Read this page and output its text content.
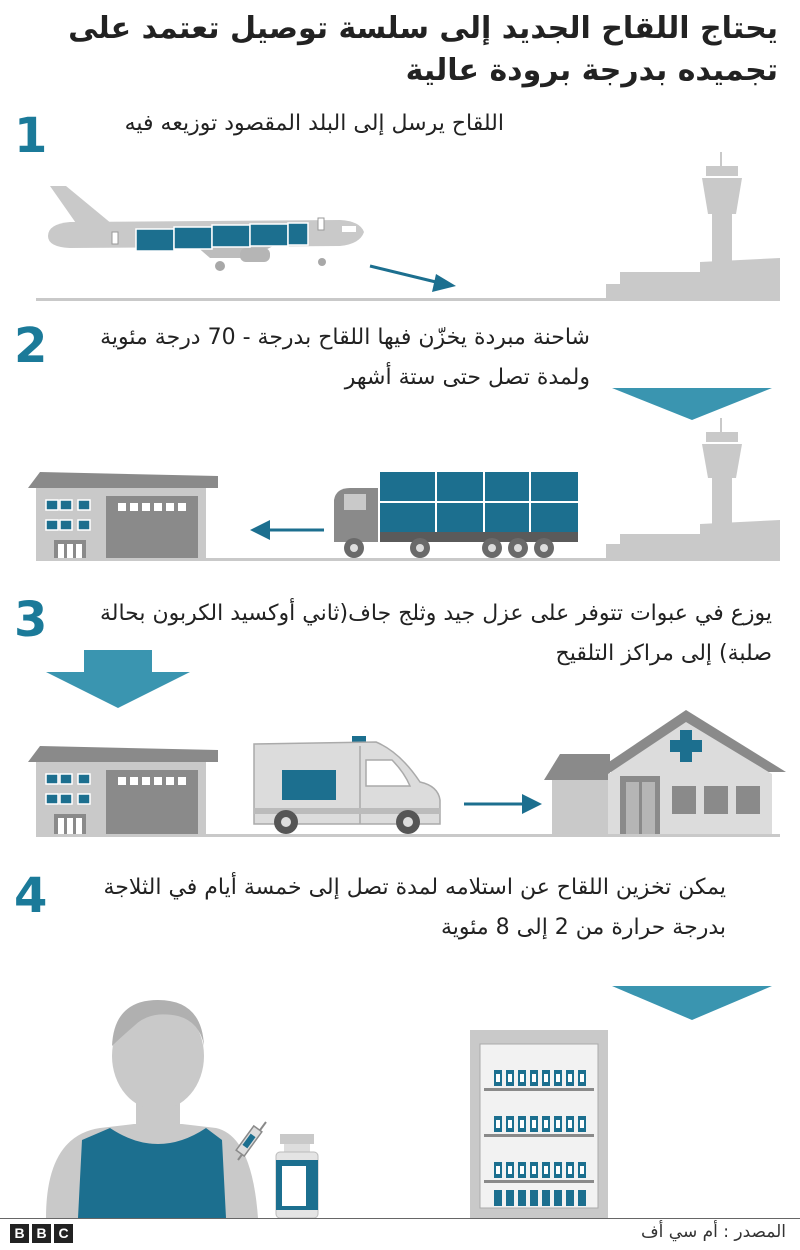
يحتاج اللقاح الجديد إلى سلسة توصيل تعتمد على تجميده بدرجة برودة عالية
1	اللقاح يرسل إلى البلد المقصود توزيعه فيه
2	شاحنة مبردة يخزّن فيها اللقاح بدرجة - 70 درجة مئوية ولمدة تصل حتى ستة أشهر
3	يوزع في عبوات تتوفر على عزل جيد وثلج جاف(ثاني أوكسيد الكربون بحالة صلبة) إلى مراكز التلقيح
4	يمكن تخزين اللقاح عن استلامه لمدة تصل إلى خمسة أيام في الثلاجة بدرجة حرارة من 2 إلى 8 مئوية
B B C	المصدر : أم سي أف
